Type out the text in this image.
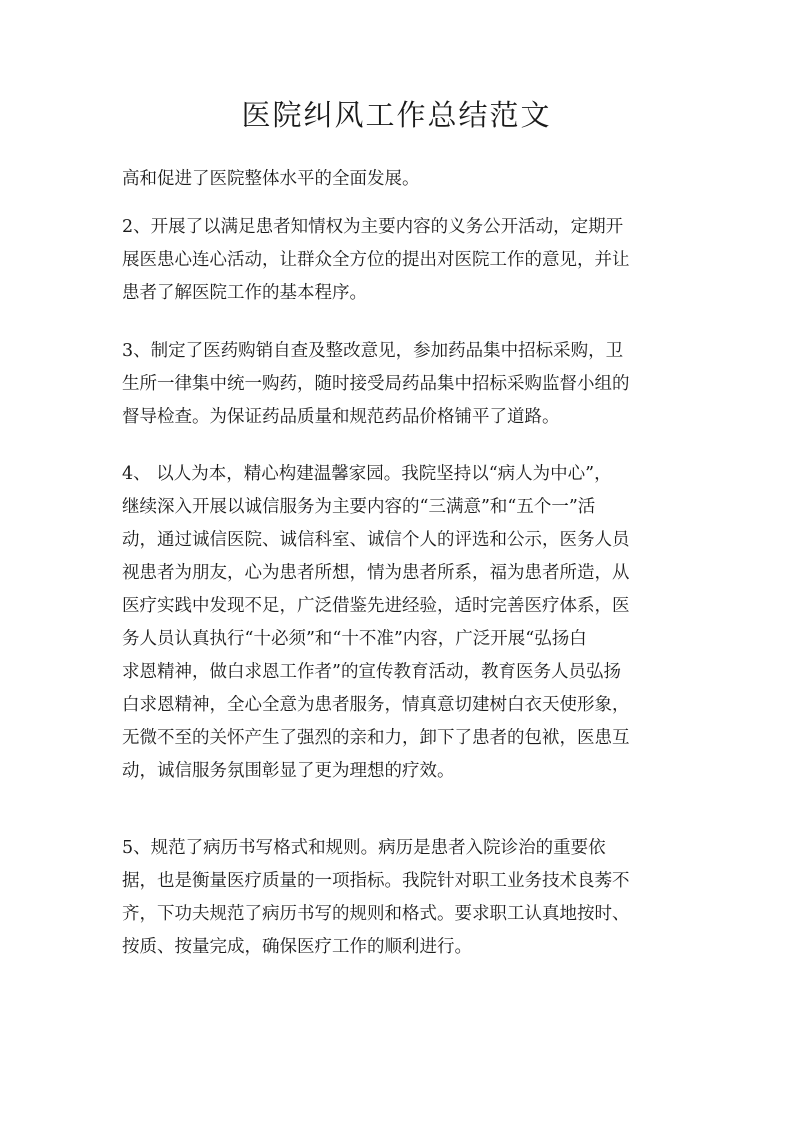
医院纠风工作总结范文

高和促进了医院整体水平的全面发展。

2、开展了以满足患者知情权为主要内容的义务公开活动，定期开
展医患心连心活动，让群众全方位的提出对医院工作的意见，并让
患者了解医院工作的基本程序。

3、制定了医药购销自查及整改意见，参加药品集中招标采购，卫
生所一律集中统一购药，随时接受局药品集中招标采购监督小组的
督导检查。为保证药品质量和规范药品价格铺平了道路。

4、 以人为本，精心构建温馨家园。我院坚持以“病人为中心”，
继续深入开展以诚信服务为主要内容的“三满意”和“五个一”活
动，通过诚信医院、诚信科室、诚信个人的评选和公示，医务人员
视患者为朋友，心为患者所想，情为患者所系，福为患者所造，从
医疗实践中发现不足，广泛借鉴先进经验，适时完善医疗体系，医
务人员认真执行“十必须”和“十不准”内容，广泛开展“弘扬白
求恩精神，做白求恩工作者”的宣传教育活动，教育医务人员弘扬
白求恩精神，全心全意为患者服务，情真意切建树白衣天使形象，
无微不至的关怀产生了强烈的亲和力，卸下了患者的包袱，医患互
动，诚信服务氛围彰显了更为理想的疗效。

5、规范了病历书写格式和规则。病历是患者入院诊治的重要依
据，也是衡量医疗质量的一项指标。我院针对职工业务技术良莠不
齐，下功夫规范了病历书写的规则和格式。要求职工认真地按时、
按质、按量完成，确保医疗工作的顺利进行。
